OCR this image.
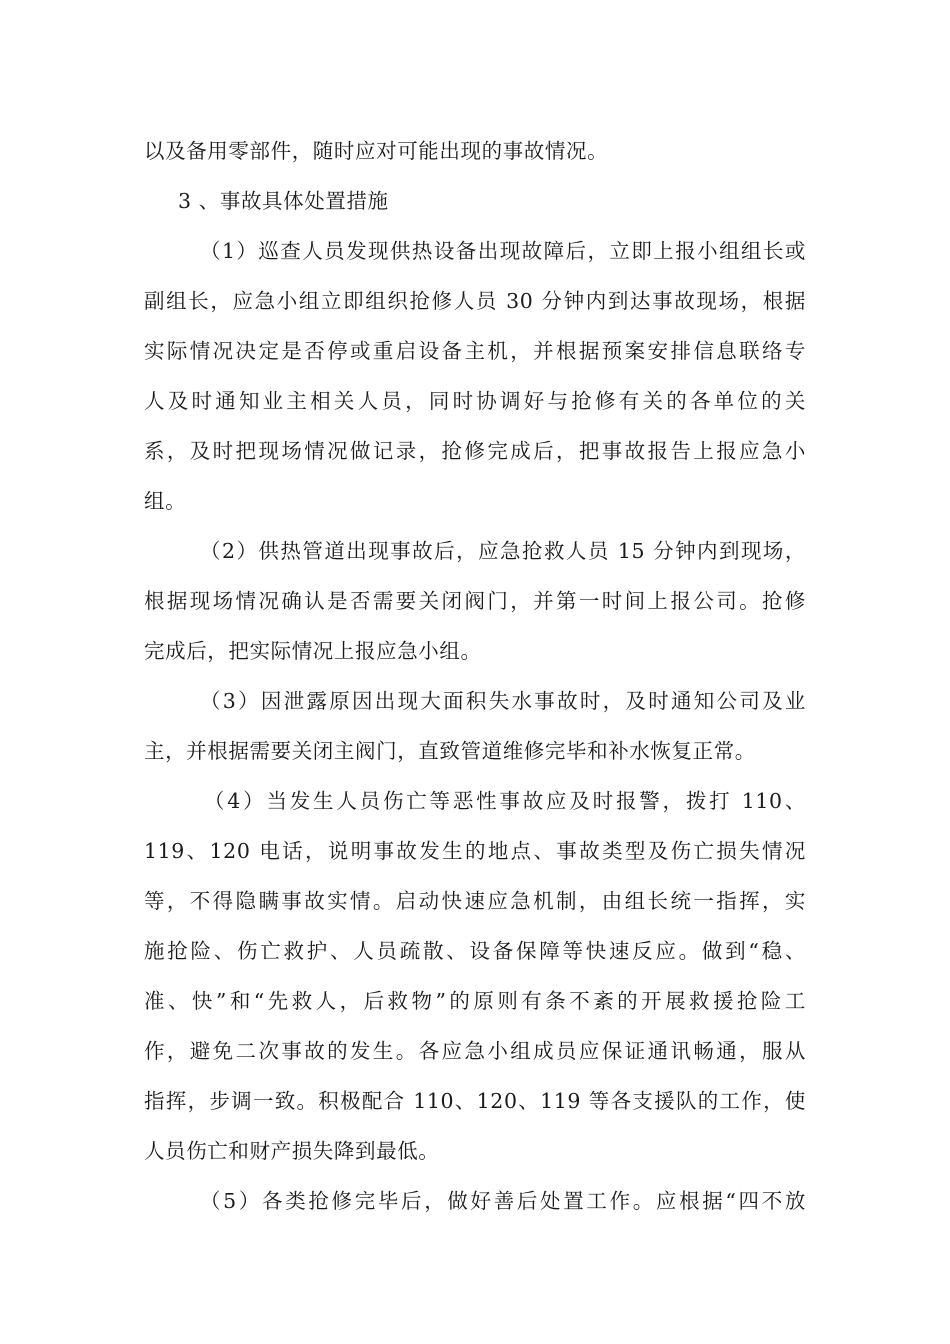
以及备用零部件，随时应对可能出现的事故情况。
3 、事故具体处置措施
（1）巡查人员发现供热设备出现故障后，立即上报小组组长或
副组长，应急小组立即组织抢修人员 30 分钟内到达事故现场，根据
实际情况决定是否停或重启设备主机，并根据预案安排信息联络专
人及时通知业主相关人员，同时协调好与抢修有关的各单位的关
系，及时把现场情况做记录，抢修完成后，把事故报告上报应急小
组。
（2）供热管道出现事故后，应急抢救人员 15 分钟内到现场，
根据现场情况确认是否需要关闭阀门，并第一时间上报公司。抢修
完成后，把实际情况上报应急小组。
（3）因泄露原因出现大面积失水事故时，及时通知公司及业
主，并根据需要关闭主阀门，直致管道维修完毕和补水恢复正常。
（4）当发生人员伤亡等恶性事故应及时报警，拨打 110、
119、120 电话，说明事故发生的地点、事故类型及伤亡损失情况
等，不得隐瞒事故实情。启动快速应急机制，由组长统一指挥，实
施抢险、伤亡救护、人员疏散、设备保障等快速反应。做到“稳、
准、快”和“先救人，后救物”的原则有条不紊的开展救援抢险工
作，避免二次事故的发生。各应急小组成员应保证通讯畅通，服从
指挥，步调一致。积极配合 110、120、119 等各支援队的工作，使
人员伤亡和财产损失降到最低。
（5）各类抢修完毕后，做好善后处置工作。应根据“四不放
